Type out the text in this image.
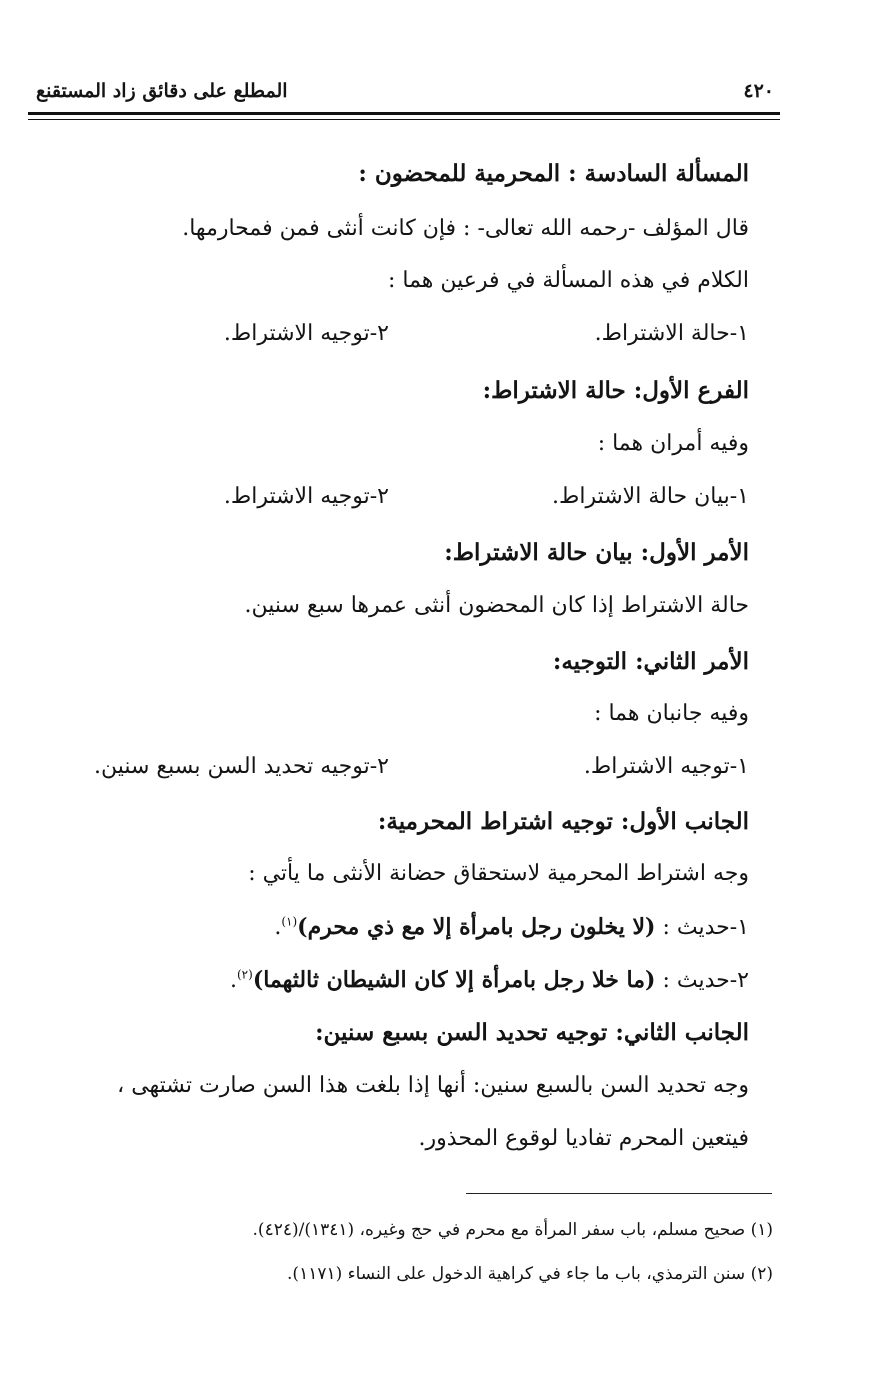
٤٢٠
المطلع على دقائق زاد المستقنع
المسألة السادسة : المحرمية للمحضون :
قال المؤلف -رحمه الله تعالى- : فإن كانت أنثى فمن فمحارمها.
الكلام في هذه المسألة في فرعين هما :
١-حالة الاشتراط.
٢-توجيه الاشتراط.
الفرع الأول: حالة الاشتراط:
وفيه أمران هما :
١-بيان حالة الاشتراط.
٢-توجيه الاشتراط.
الأمر الأول: بيان حالة الاشتراط:
حالة الاشتراط إذا كان المحضون أنثى عمرها سبع سنين.
الأمر الثاني: التوجيه:
وفيه جانبان هما :
١-توجيه الاشتراط.
٢-توجيه تحديد السن بسبع سنين.
الجانب الأول: توجيه اشتراط المحرمية:
وجه اشتراط المحرمية لاستحقاق حضانة الأنثى ما يأتي :
١-حديث : (لا يخلون رجل بامرأة إلا مع ذي محرم)$^{(١)}$.
٢-حديث : (ما خلا رجل بامرأة إلا كان الشيطان ثالثهما)$^{(٢)}$.
الجانب الثاني: توجيه تحديد السن بسبع سنين:
وجه تحديد السن بالسبع سنين: أنها إذا بلغت هذا السن صارت تشتهى ،
فيتعين المحرم تفاديا لوقوع المحذور.
(١) صحيح مسلم، باب سفر المرأة مع محرم في حج وغيره، (١٣٤١)/(٤٢٤).
(٢) سنن الترمذي، باب ما جاء في كراهية الدخول على النساء (١١٧١).
